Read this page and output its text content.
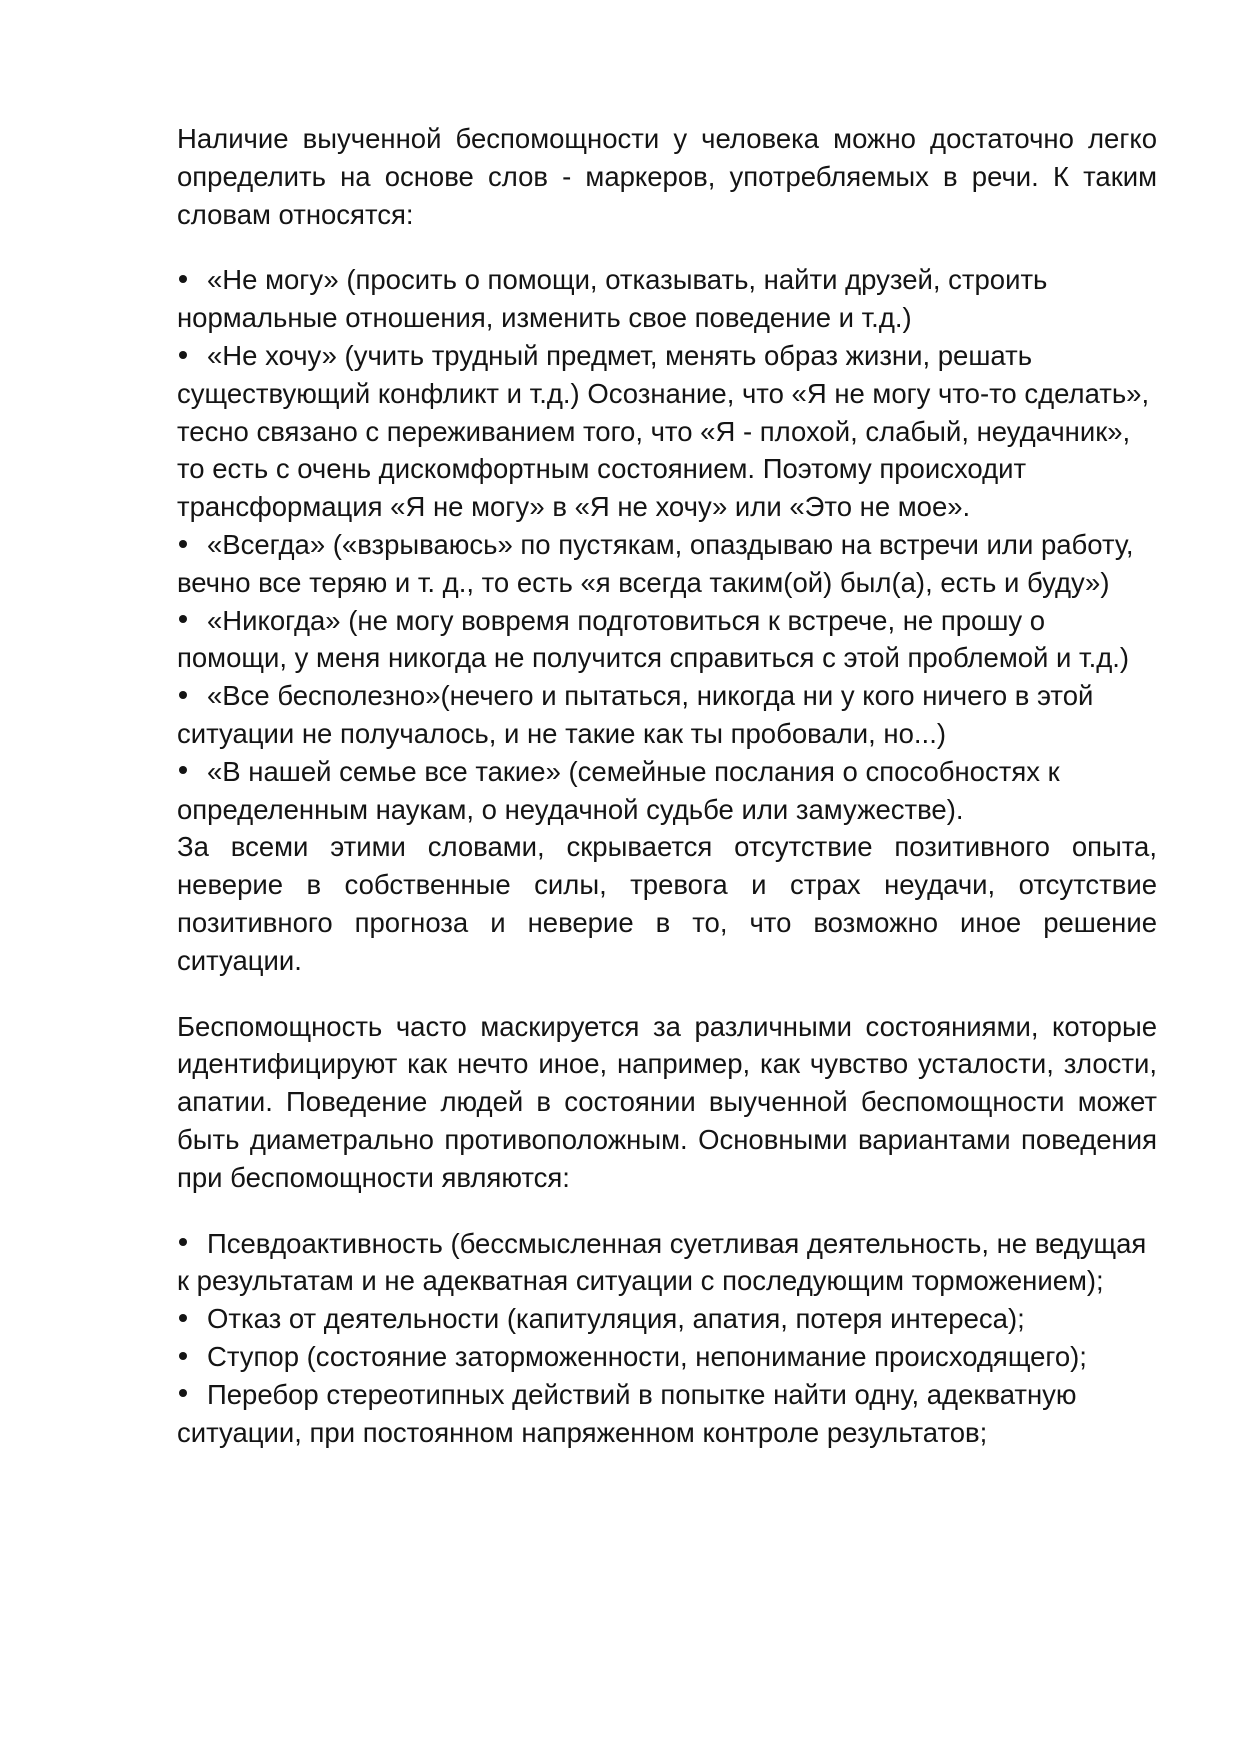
Наличие выученной беспомощности у человека можно достаточно легко определить на основе слов - маркеров, употребляемых в речи. К таким словам относятся:

«Не могу» (просить о помощи, отказывать, найти друзей, строить нормальные отношения, изменить свое поведение и т.д.)
«Не хочу» (учить трудный предмет, менять образ жизни, решать существующий конфликт и т.д.) Осознание, что «Я не могу что-то сделать», тесно связано с переживанием того, что «Я - плохой, слабый, неудачник», то есть с очень дискомфортным состоянием. Поэтому происходит трансформация «Я не могу» в «Я не хочу» или «Это не мое».
«Всегда» («взрываюсь» по пустякам, опаздываю на встречи или работу, вечно все теряю и т. д., то есть «я всегда таким(ой) был(а), есть и буду»)
«Никогда» (не могу вовремя подготовиться к встрече, не прошу о помощи, у меня никогда не получится справиться с этой проблемой и т.д.)
«Все бесполезно»(нечего и пытаться, никогда ни у кого ничего в этой ситуации не получалось, и не такие как ты пробовали, но...)
«В нашей семье все такие» (семейные послания о способностях к определенным наукам, о неудачной судьбе или замужестве).

За всеми этими словами, скрывается отсутствие позитивного опыта, неверие в собственные силы, тревога и страх неудачи, отсутствие позитивного прогноза и неверие в то, что возможно иное решение ситуации.

Беспомощность часто маскируется за различными состояниями, которые идентифицируют как нечто иное, например, как чувство усталости, злости, апатии. Поведение людей в состоянии выученной беспомощности может быть диаметрально противоположным. Основными вариантами поведения при беспомощности являются:

Псевдоактивность (бессмысленная суетливая деятельность, не ведущая к результатам и не адекватная ситуации с последующим торможением);
Отказ от деятельности (капитуляция, апатия, потеря интереса);
Ступор (состояние заторможенности, непонимание происходящего);
Перебор стереотипных действий в попытке найти одну, адекватную ситуации, при постоянном напряженном контроле результатов;
